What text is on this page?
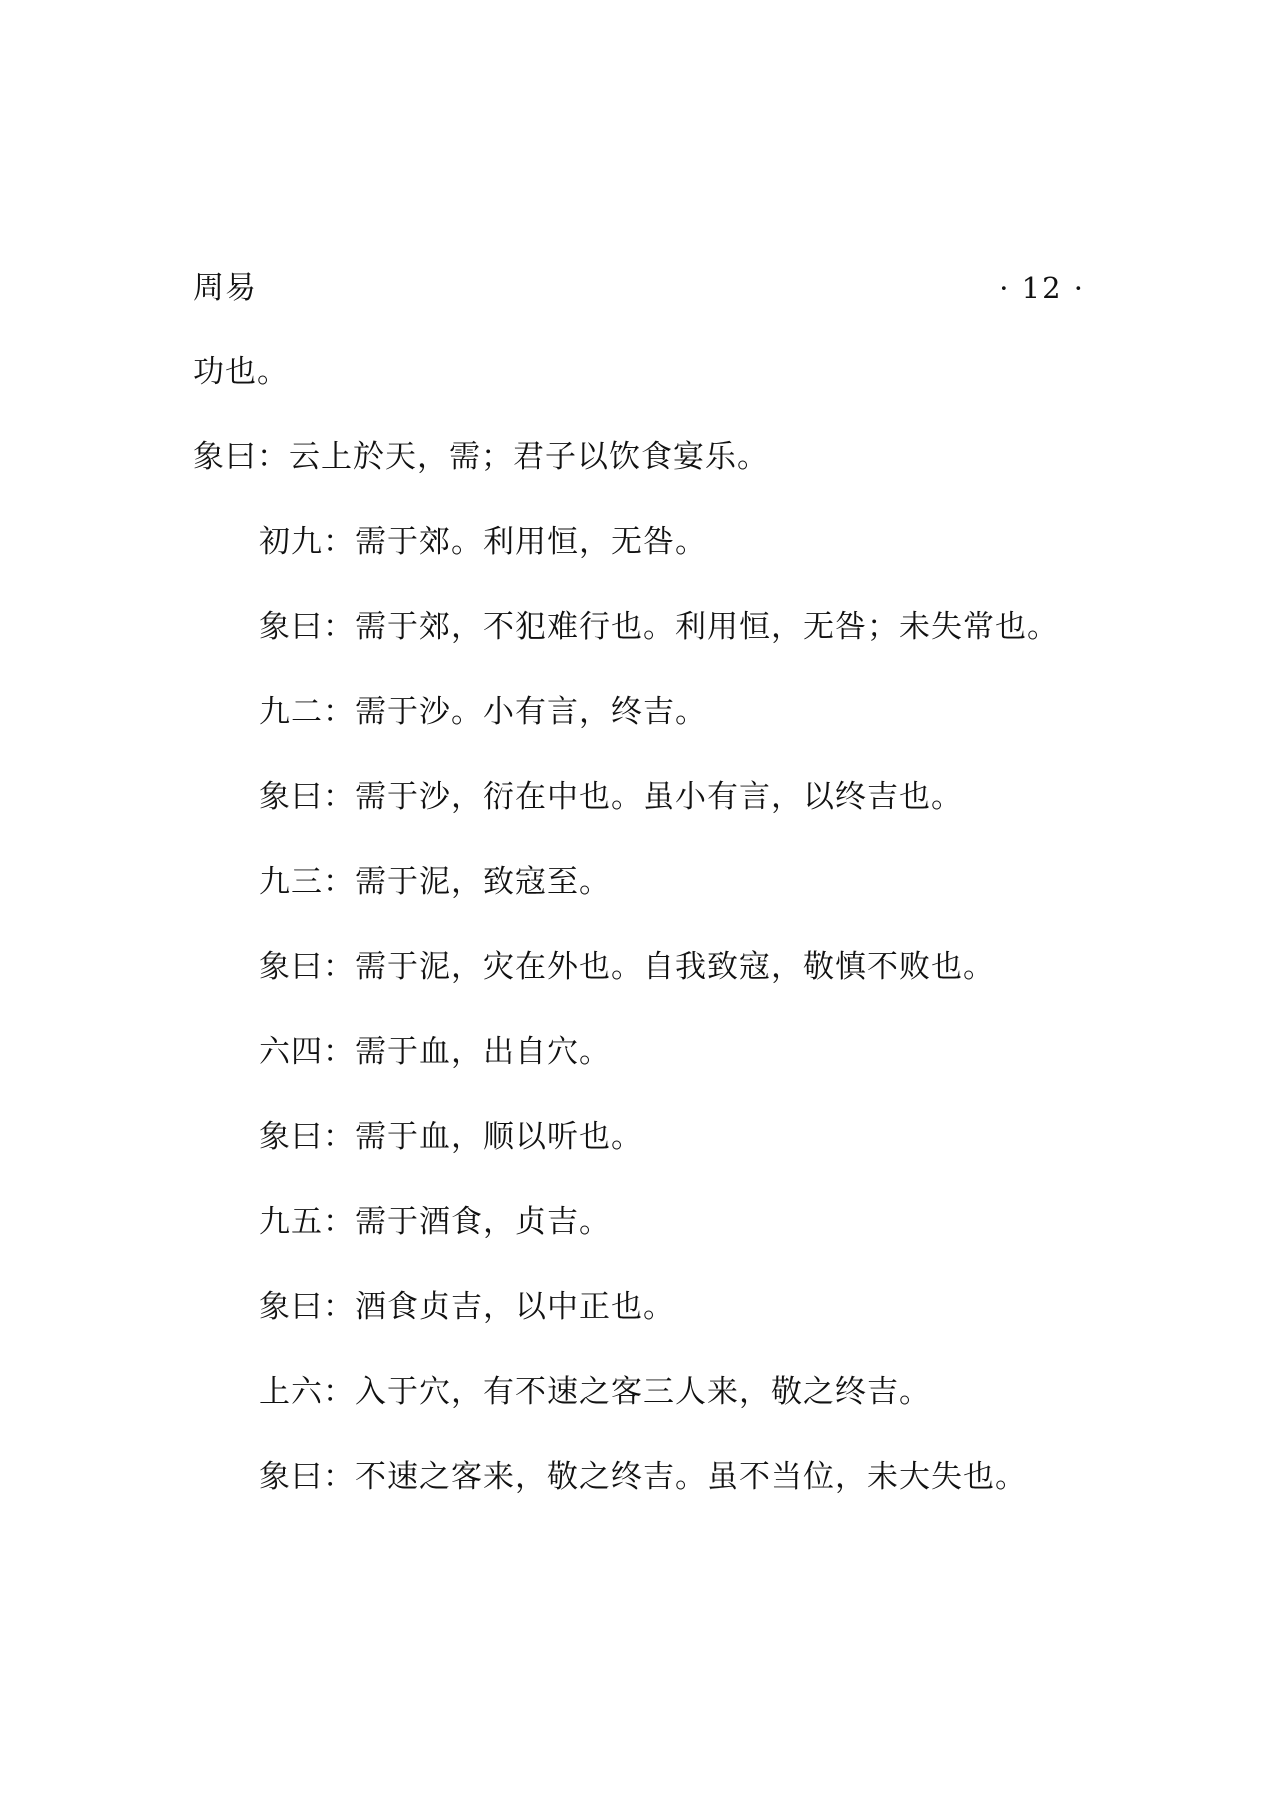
周易	· 12 ·
功也。
象曰：云上於天，需；君子以饮食宴乐。
初九：需于郊。利用恒，无咎。
象曰：需于郊，不犯难行也。利用恒，无咎；未失常也。
九二：需于沙。小有言，终吉。
象曰：需于沙，衍在中也。虽小有言，以终吉也。
九三：需于泥，致寇至。
象曰：需于泥，灾在外也。自我致寇，敬慎不败也。
六四：需于血，出自穴。
象曰：需于血，顺以听也。
九五：需于酒食，贞吉。
象曰：酒食贞吉，以中正也。
上六：入于穴，有不速之客三人来，敬之终吉。
象曰：不速之客来，敬之终吉。虽不当位，未大失也。
